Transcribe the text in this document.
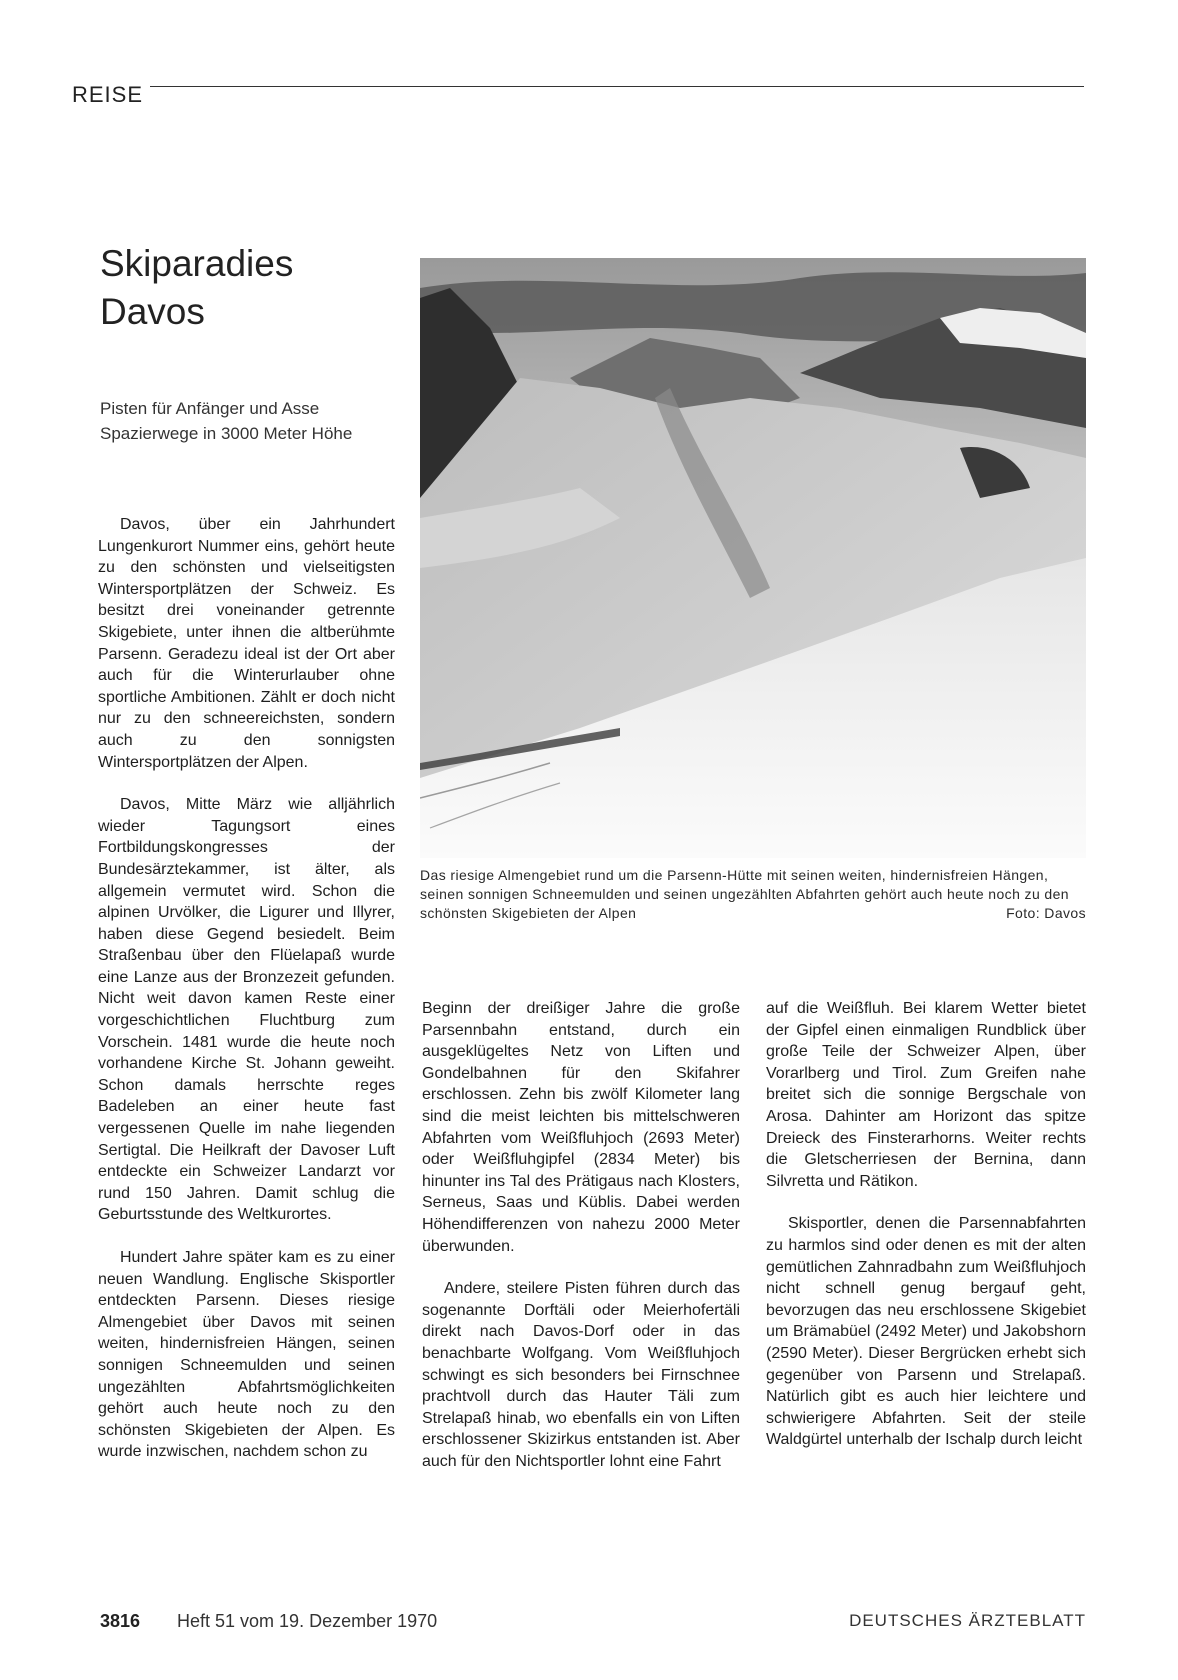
REISE
Skiparadies
Davos
Pisten für Anfänger und Asse
Spazierwege in 3000 Meter Höhe
Das riesige Almengebiet rund um die Parsenn-Hütte mit seinen weiten, hindernisfreien Hängen, seinen sonnigen Schneemulden und seinen ungezählten Abfahrten gehört auch heute noch zu den schönsten Skigebieten der Alpen	Foto: Davos

Davos, über ein Jahrhundert Lungenkurort Nummer eins, gehört heute zu den schönsten und vielseitigsten Wintersportplätzen der Schweiz. Es besitzt drei voneinander getrennte Skigebiete, unter ihnen die altberühmte Parsenn. Geradezu ideal ist der Ort aber auch für die Winterurlauber ohne sportliche Ambitionen. Zählt er doch nicht nur zu den schneereichsten, sondern auch zu den sonnigsten Wintersportplätzen der Alpen.

Davos, Mitte März wie alljährlich wieder Tagungsort eines Fortbildungskongresses der Bundesärztekammer, ist älter, als allgemein vermutet wird. Schon die alpinen Urvölker, die Ligurer und Illyrer, haben diese Gegend besiedelt. Beim Straßenbau über den Flüelapaß wurde eine Lanze aus der Bronzezeit gefunden. Nicht weit davon kamen Reste einer vorgeschichtlichen Fluchtburg zum Vorschein. 1481 wurde die heute noch vorhandene Kirche St. Johann geweiht. Schon damals herrschte reges Badeleben an einer heute fast vergessenen Quelle im nahe liegenden Sertigtal. Die Heilkraft der Davoser Luft entdeckte ein Schweizer Landarzt vor rund 150 Jahren. Damit schlug die Geburtsstunde des Weltkurortes.

Hundert Jahre später kam es zu einer neuen Wandlung. Englische Skisportler entdeckten Parsenn. Dieses riesige Almengebiet über Davos mit seinen weiten, hindernisfreien Hängen, seinen sonnigen Schneemulden und seinen ungezählten Abfahrtsmöglichkeiten gehört auch heute noch zu den schönsten Skigebieten der Alpen. Es wurde inzwischen, nachdem schon zu

Beginn der dreißiger Jahre die große Parsennbahn entstand, durch ein ausgeklügeltes Netz von Liften und Gondelbahnen für den Skifahrer erschlossen. Zehn bis zwölf Kilometer lang sind die meist leichten bis mittelschweren Abfahrten vom Weißfluhjoch (2693 Meter) oder Weißfluhgipfel (2834 Meter) bis hinunter ins Tal des Prätigaus nach Klosters, Serneus, Saas und Küblis. Dabei werden Höhendifferenzen von nahezu 2000 Meter überwunden.

Andere, steilere Pisten führen durch das sogenannte Dorftäli oder Meierhofertäli direkt nach Davos-Dorf oder in das benachbarte Wolfgang. Vom Weißfluhjoch schwingt es sich besonders bei Firnschnee prachtvoll durch das Hauter Täli zum Strelapaß hinab, wo ebenfalls ein von Liften erschlossener Skizirkus entstanden ist. Aber auch für den Nichtsportler lohnt eine Fahrt

auf die Weißfluh. Bei klarem Wetter bietet der Gipfel einen einmaligen Rundblick über große Teile der Schweizer Alpen, über Vorarlberg und Tirol. Zum Greifen nahe breitet sich die sonnige Bergschale von Arosa. Dahinter am Horizont das spitze Dreieck des Finsterarhorns. Weiter rechts die Gletscherriesen der Bernina, dann Silvretta und Rätikon.

Skisportler, denen die Parsennabfahrten zu harmlos sind oder denen es mit der alten gemütlichen Zahnradbahn zum Weißfluhjoch nicht schnell genug bergauf geht, bevorzugen das neu erschlossene Skigebiet um Brämabüel (2492 Meter) und Jakobshorn (2590 Meter). Dieser Bergrücken erhebt sich gegenüber von Parsenn und Strelapaß. Natürlich gibt es auch hier leichtere und schwierigere Abfahrten. Seit der steile Waldgürtel unterhalb der Ischalp durch leicht

3816 Heft 51 vom 19. Dezember 1970	DEUTSCHES ÄRZTEBLATT
